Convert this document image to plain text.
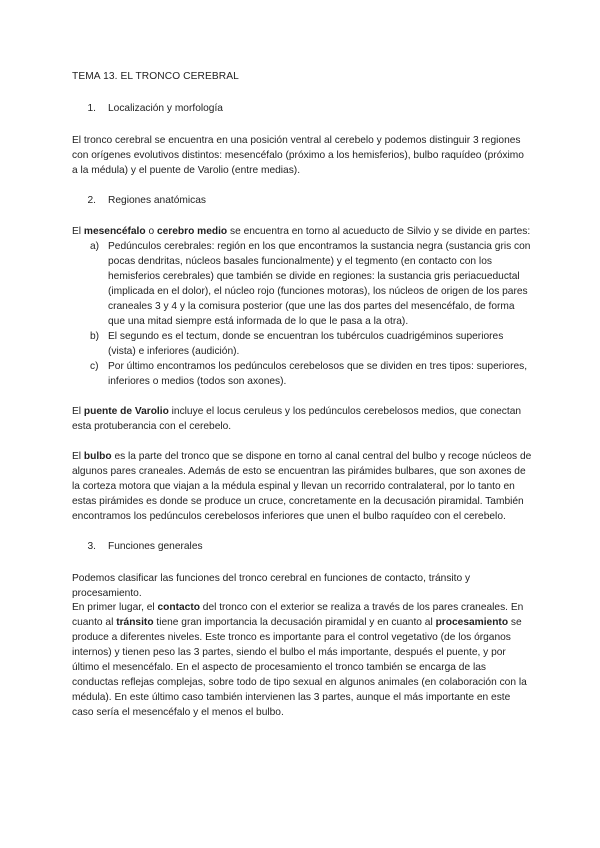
TEMA 13. EL TRONCO CEREBRAL

1.	Localización y morfología

El tronco cerebral se encuentra en una posición ventral al cerebelo y podemos distinguir 3 regiones con orígenes evolutivos distintos: mesencéfalo (próximo a los hemisferios), bulbo raquídeo (próximo a la médula) y el puente de Varolio (entre medias).

2.	Regiones anatómicas

El mesencéfalo o cerebro medio se encuentra en torno al acueducto de Silvio y se divide en partes:

a) Pedúnculos cerebrales: región en los que encontramos la sustancia negra (sustancia gris con pocas dendritas, núcleos basales funcionalmente) y el tegmento (en contacto con los hemisferios cerebrales) que también se divide en regiones: la sustancia gris periacueductal (implicada en el dolor), el núcleo rojo (funciones motoras), los núcleos de origen de los pares craneales 3 y 4 y la comisura posterior (que une las dos partes del mesencéfalo, de forma que una mitad siempre está informada de lo que le pasa a la otra).
b) El segundo es el tectum, donde se encuentran los tubérculos cuadrigéminos superiores (vista) e inferiores (audición).
c) Por último encontramos los pedúnculos cerebelosos que se dividen en tres tipos: superiores, inferiores o medios (todos son axones).

El puente de Varolio incluye el locus ceruleus y los pedúnculos cerebelosos medios, que conectan esta protuberancia con el cerebelo.

El bulbo es la parte del tronco que se dispone en torno al canal central del bulbo y recoge núcleos de algunos pares craneales. Además de esto se encuentran las pirámides bulbares, que son axones de la corteza motora que viajan a la médula espinal y llevan un recorrido contralateral, por lo tanto en estas pirámides es donde se produce un cruce, concretamente en la decusación piramidal. También encontramos los pedúnculos cerebelosos inferiores que unen el bulbo raquídeo con el cerebelo.

3.	Funciones generales

Podemos clasificar las funciones del tronco cerebral en funciones de contacto, tránsito y procesamiento.

En primer lugar, el contacto del tronco con el exterior se realiza a través de los pares craneales. En cuanto al tránsito tiene gran importancia la decusación piramidal y en cuanto al procesamiento se produce a diferentes niveles. Este tronco es importante para el control vegetativo (de los órganos internos) y tienen peso las 3 partes, siendo el bulbo el más importante, después el puente, y por último el mesencéfalo. En el aspecto de procesamiento el tronco también se encarga de las conductas reflejas complejas, sobre todo de tipo sexual en algunos animales (en colaboración con la médula). En este último caso también intervienen las 3 partes, aunque el más importante en este caso sería el mesencéfalo y el menos el bulbo.
